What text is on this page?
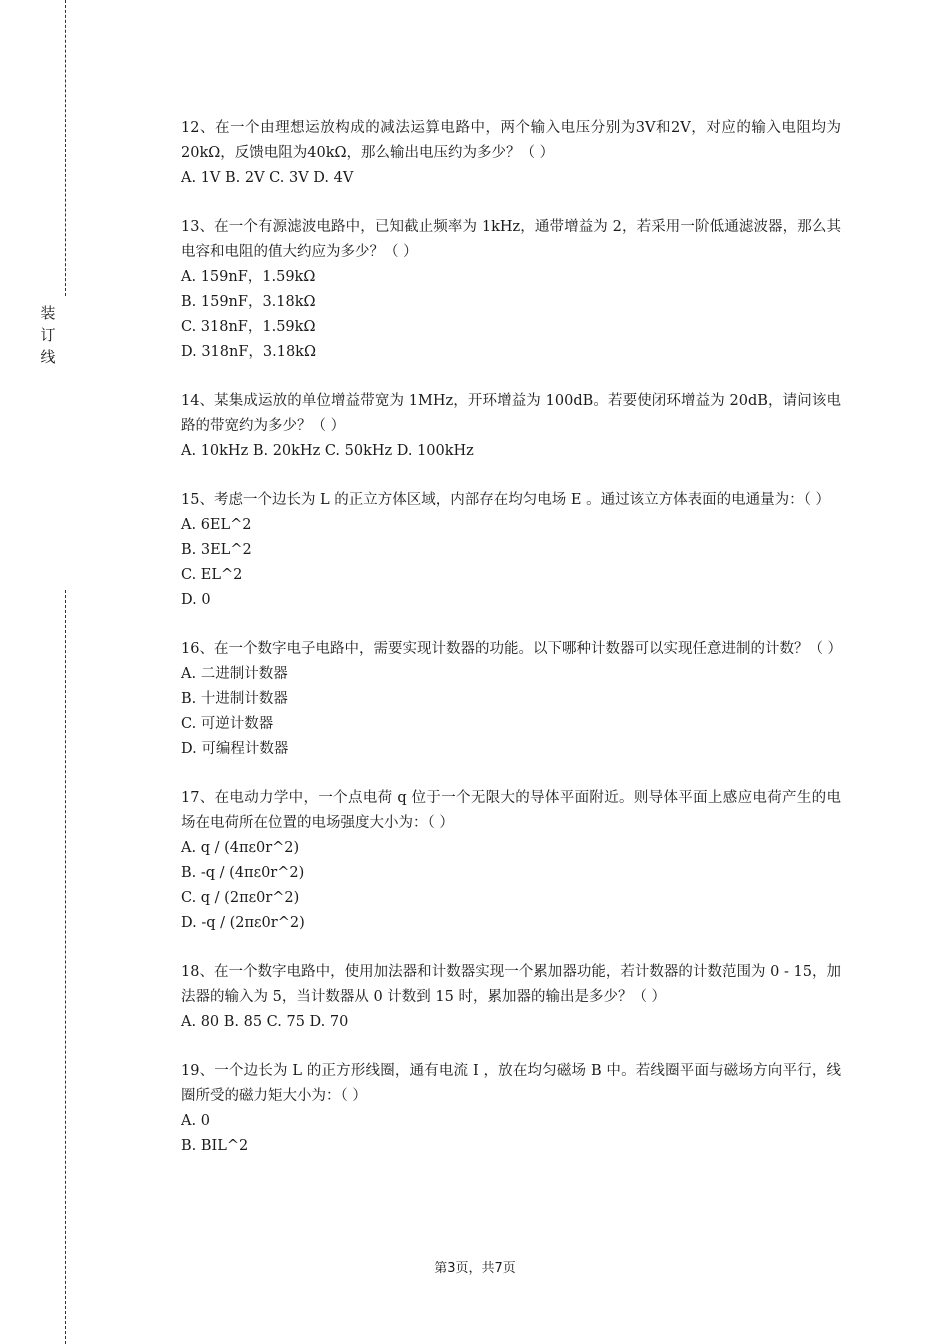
装
订
线

12、在一个由理想运放构成的减法运算电路中，两个输入电压分别为3V和2V，对应的输入电阻均为20kΩ，反馈电阻为40kΩ，那么输出电压约为多少？（ ）

A. 1V B. 2V C. 3V D. 4V

13、在一个有源滤波电路中，已知截止频率为 1kHz，通带增益为 2，若采用一阶低通滤波器，那么其电容和电阻的值大约应为多少？（ ）

A. 159nF，1.59kΩ

B. 159nF，3.18kΩ

C. 318nF，1.59kΩ

D. 318nF，3.18kΩ

14、某集成运放的单位增益带宽为 1MHz，开环增益为 100dB。若要使闭环增益为 20dB，请问该电路的带宽约为多少？（ ）

A. 10kHz B. 20kHz C. 50kHz D. 100kHz

15、考虑一个边长为 L 的正立方体区域，内部存在均匀电场 E 。通过该立方体表面的电通量为：（ ）

A. 6EL^2

B. 3EL^2

C. EL^2

D. 0

16、在一个数字电子电路中，需要实现计数器的功能。以下哪种计数器可以实现任意进制的计数？（ ）

A. 二进制计数器

B. 十进制计数器

C. 可逆计数器

D. 可编程计数器

17、在电动力学中，一个点电荷 q 位于一个无限大的导体平面附近。则导体平面上感应电荷产生的电场在电荷所在位置的电场强度大小为：（ ）

A. q / (4πε0r^2)

B. -q / (4πε0r^2)

C. q / (2πε0r^2)

D. -q / (2πε0r^2)

18、在一个数字电路中，使用加法器和计数器实现一个累加器功能，若计数器的计数范围为 0 - 15，加法器的输入为 5，当计数器从 0 计数到 15 时，累加器的输出是多少？（ ）

A. 80 B. 85 C. 75 D. 70

19、一个边长为 L 的正方形线圈，通有电流 I ，放在均匀磁场 B 中。若线圈平面与磁场方向平行，线圈所受的磁力矩大小为：（ ）

A. 0

B. BIL^2

第3页，共7页
